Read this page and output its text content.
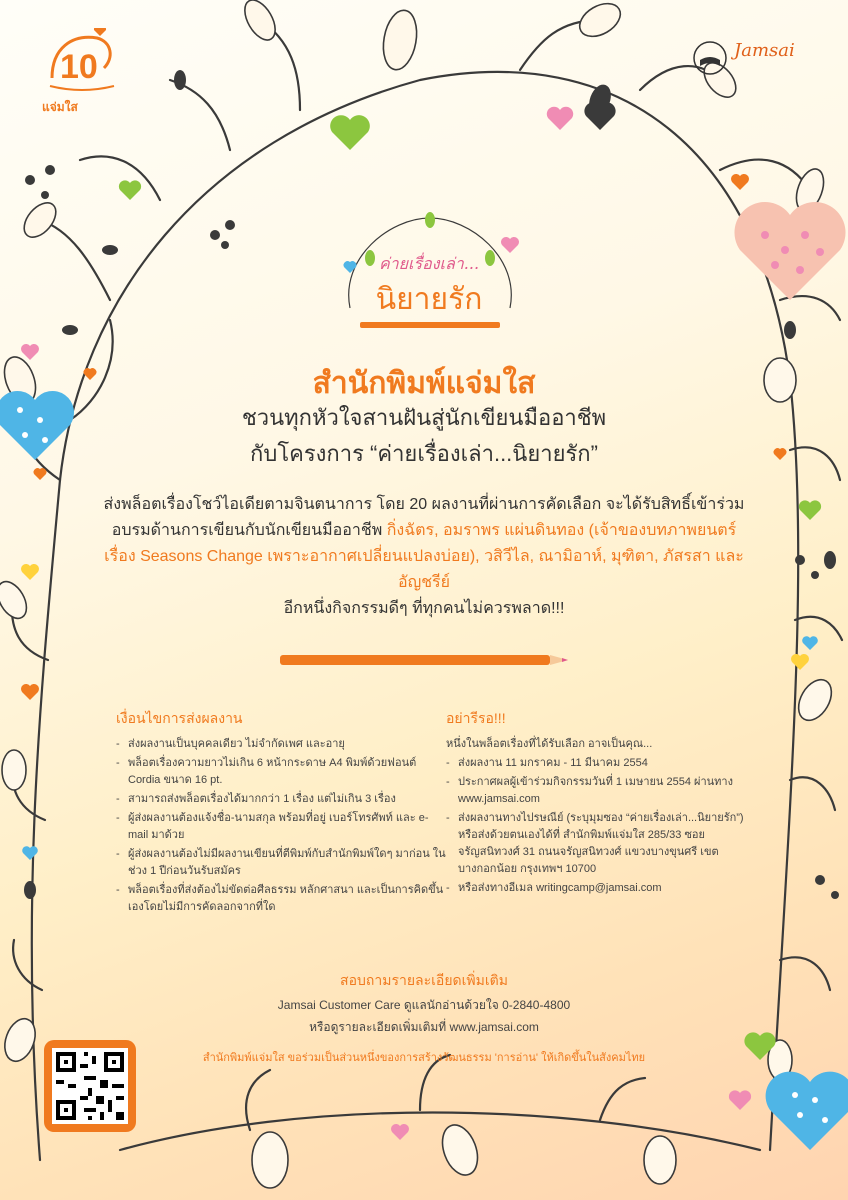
10
แจ่มใส
Jamsai
ค่ายเรื่องเล่า...
นิยายรัก
สำนักพิมพ์แจ่มใส
ชวนทุกหัวใจสานฝันสู่นักเขียนมืออาชีพ
กับโครงการ “ค่ายเรื่องเล่า...นิยายรัก”
ส่งพล็อตเรื่องโชว์ไอเดียตามจินตนาการ โดย 20 ผลงานที่ผ่านการคัดเลือก จะได้รับสิทธิ์เข้าร่วมอบรมด้านการเขียนกับนักเขียนมืออาชีพ กิ่งฉัตร, อมราพร แผ่นดินทอง (เจ้าของบทภาพยนตร์เรื่อง Seasons Change เพราะอากาศเปลี่ยนแปลงบ่อย), วสิวีไล, ณามิอาห์, มุฑิตา, ภัสรสา และอัญชรีย์
อีกหนึ่งกิจกรรมดีๆ ที่ทุกคนไม่ควรพลาด!!!
เงื่อนไขการส่งผลงาน
- ส่งผลงานเป็นบุคคลเดียว ไม่จำกัดเพศ และอายุ
- พล็อตเรื่องความยาวไม่เกิน 6 หน้ากระดาษ A4 พิมพ์ด้วยฟอนต์ Cordia ขนาด 16 pt.
- สามารถส่งพล็อตเรื่องได้มากกว่า 1 เรื่อง แต่ไม่เกิน 3 เรื่อง
- ผู้ส่งผลงานต้องแจ้งชื่อ-นามสกุล พร้อมที่อยู่ เบอร์โทรศัพท์ และ e-mail มาด้วย
- ผู้ส่งผลงานต้องไม่มีผลงานเขียนที่ตีพิมพ์กับสำนักพิมพ์ใดๆ มาก่อน ในช่วง 1 ปีก่อนวันรับสมัคร
- พล็อตเรื่องที่ส่งต้องไม่ขัดต่อศีลธรรม หลักศาสนา และเป็นการคิดขึ้นเองโดยไม่มีการคัดลอกจากที่ใด
อย่ารีรอ!!!

หนึ่งในพล็อตเรื่องที่ได้รับเลือก อาจเป็นคุณ...

- ส่งผลงาน 11 มกราคม - 11 มีนาคม 2554
- ประกาศผลผู้เข้าร่วมกิจกรรมวันที่ 1 เมษายน 2554 ผ่านทาง www.jamsai.com
- ส่งผลงานทางไปรษณีย์ (ระบุมุมซอง “ค่ายเรื่องเล่า...นิยายรัก”) หรือส่งด้วยตนเองได้ที่ สำนักพิมพ์แจ่มใส 285/33 ซอยจรัญสนิทวงศ์ 31 ถนนจรัญสนิทวงศ์ แขวงบางขุนศรี เขตบางกอกน้อย กรุงเทพฯ 10700
- หรือส่งทางอีเมล writingcamp@jamsai.com
สอบถามรายละเอียดเพิ่มเติม
Jamsai Customer Care ดูแลนักอ่านด้วยใจ 0-2840-4800
หรือดูรายละเอียดเพิ่มเติมที่ www.jamsai.com
สำนักพิมพ์แจ่มใส ขอร่วมเป็นส่วนหนึ่งของการสร้างวัฒนธรรม 'การอ่าน' ให้เกิดขึ้นในสังคมไทย
